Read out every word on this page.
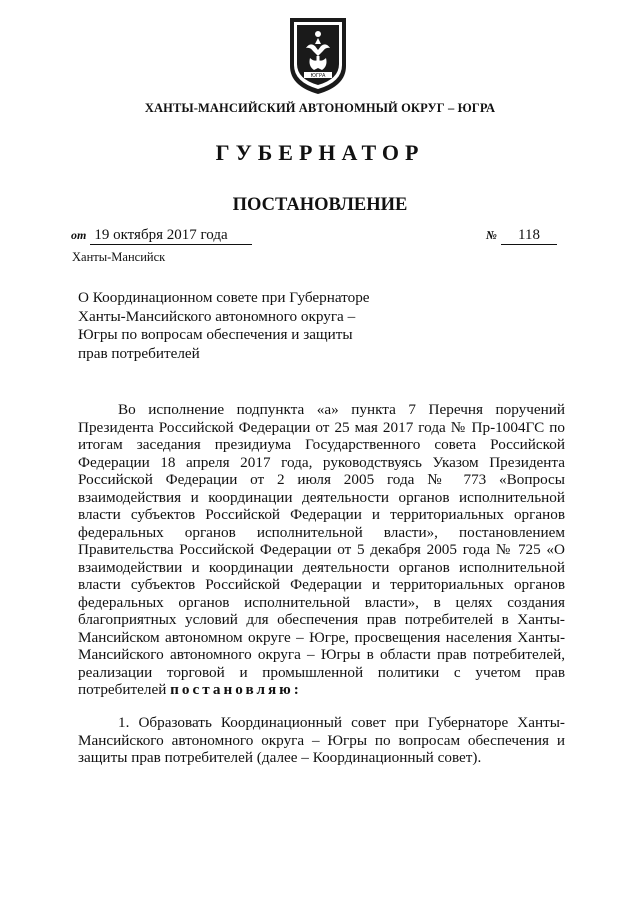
ЮГРА
ХАНТЫ-МАНСИЙСКИЙ АВТОНОМНЫЙ ОКРУГ – ЮГРА
ГУБЕРНАТОР
ПОСТАНОВЛЕНИЕ
от 19 октября 2017 года	№ 118
Ханты-Мансийск
О Координационном совете при Губернаторе Ханты-Мансийского автономного округа – Югры по вопросам обеспечения и защиты прав потребителей
Во исполнение подпункта «а» пункта 7 Перечня поручений Президента Российской Федерации от 25 мая 2017 года № Пр-1004ГС по итогам заседания президиума Государственного совета Российской Федерации 18 апреля 2017 года, руководствуясь Указом Президента Российской Федерации от 2 июля 2005 года № 773 «Вопросы взаимодействия и координации деятельности органов исполнительной власти субъектов Российской Федерации и территориальных органов федеральных органов исполнительной власти», постановлением Правительства Российской Федерации от 5 декабря 2005 года № 725 «О взаимодействии и координации деятельности органов исполнительной власти субъектов Российской Федерации и территориальных органов федеральных органов исполнительной власти», в целях создания благоприятных условий для обеспечения прав потребителей в Ханты-Мансийском автономном округе – Югре, просвещения населения Ханты-Мансийского автономного округа – Югры в области прав потребителей, реализации торговой и промышленной политики с учетом прав потребителей постановляю:
1. Образовать Координационный совет при Губернаторе Ханты-Мансийского автономного округа – Югры по вопросам обеспечения и защиты прав потребителей (далее – Координационный совет).
